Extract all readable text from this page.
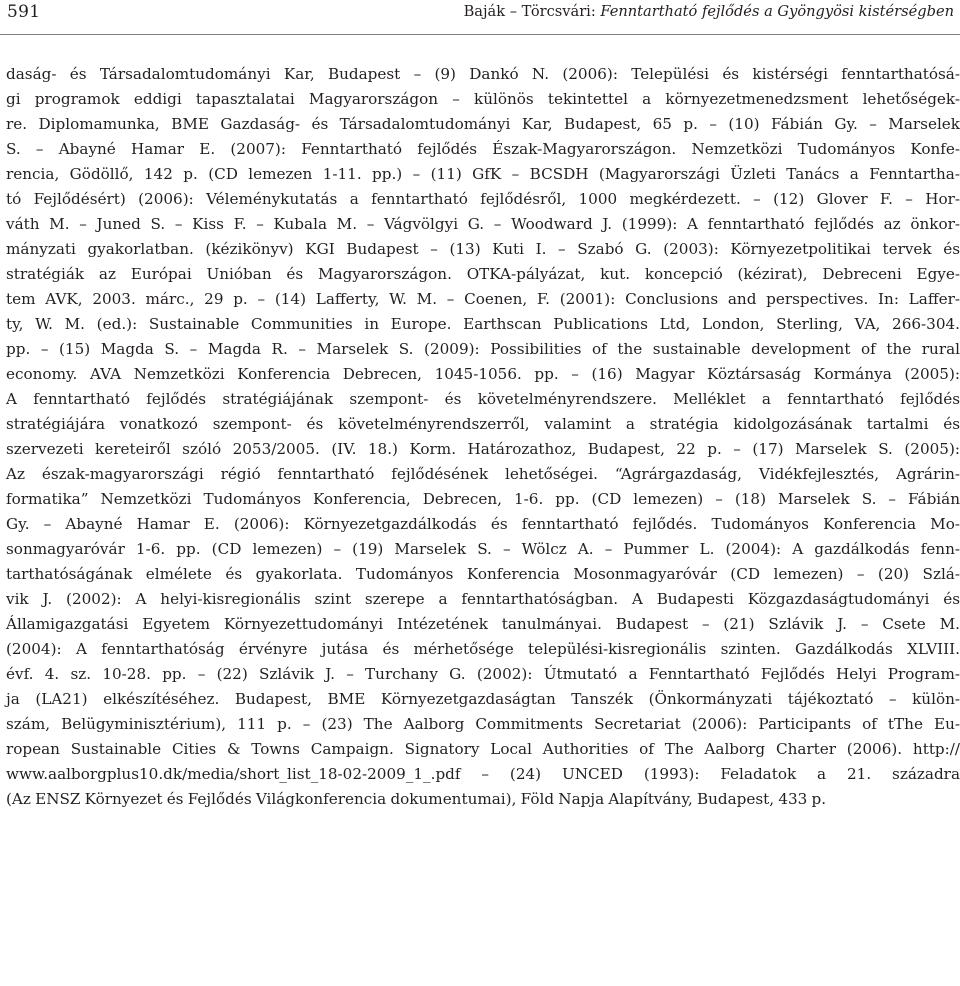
591	Baják – Törcsvári: Fenntartható fejlődés a Gyöngyösi kistérségben
daság- és Társadalomtudományi Kar, Budapest – (9) Dankó N. (2006): Települési és kistérségi fenntarthatósá-
gi programok eddigi tapasztalatai Magyarországon – különös tekintettel a környezetmenedzsment lehetőségek-
re. Diplomamunka, BME Gazdaság- és Társadalomtudományi Kar, Budapest, 65 p. – (10) Fábián Gy. – Marselek
S. – Abayné Hamar E. (2007): Fenntartható fejlődés Észak-Magyarországon. Nemzetközi Tudományos Konfe-
rencia, Gödöllő, 142 p. (CD lemezen 1-11. pp.) – (11) GfK – BCSDH (Magyarországi Üzleti Tanács a Fenntartha-
tó Fejlődésért) (2006): Véleménykutatás a fenntartható fejlődésről, 1000 megkérdezett. – (12) Glover F. – Hor-
váth M. – Juned S. – Kiss F. – Kubala M. – Vágvölgyi G. – Woodward J. (1999): A fenntartható fejlődés az önkor-
mányzati gyakorlatban. (kézikönyv) KGI Budapest – (13) Kuti I. – Szabó G. (2003): Környezetpolitikai tervek és
stratégiák az Európai Unióban és Magyarországon. OTKA-pályázat, kut. koncepció (kézirat), Debreceni Egye-
tem AVK, 2003. márc., 29 p. – (14) Lafferty, W. M. – Coenen, F. (2001): Conclusions and perspectives. In: Laffer-
ty, W. M. (ed.): Sustainable Communities in Europe. Earthscan Publications Ltd, London, Sterling, VA, 266-304.
pp. – (15) Magda S. – Magda R. – Marselek S. (2009): Possibilities of the sustainable development of the rural
economy. AVA Nemzetközi Konferencia Debrecen, 1045-1056. pp. – (16) Magyar Köztársaság Kormánya (2005):
A fenntartható fejlődés stratégiájának szempont- és követelményrendszere. Melléklet a fenntartható fejlődés
stratégiájára vonatkozó szempont- és követelményrendszerről, valamint a stratégia kidolgozásának tartalmi és
szervezeti kereteiről szóló 2053/2005. (IV. 18.) Korm. Határozathoz, Budapest, 22 p. – (17) Marselek S. (2005):
Az észak-magyarországi régió fenntartható fejlődésének lehetőségei. “Agrárgazdaság, Vidékfejlesztés, Agrárin-
formatika” Nemzetközi Tudományos Konferencia, Debrecen, 1-6. pp. (CD lemezen) – (18) Marselek S. – Fábián
Gy. – Abayné Hamar E. (2006): Környezetgazdálkodás és fenntartható fejlődés. Tudományos Konferencia Mo-
sonmagyaróvár 1-6. pp. (CD lemezen) – (19) Marselek S. – Wölcz A. – Pummer L. (2004): A gazdálkodás fenn-
tarthatóságának elmélete és gyakorlata. Tudományos Konferencia Mosonmagyaróvár (CD lemezen) – (20) Szlá-
vik J. (2002): A helyi-kisregionális szint szerepe a fenntarthatóságban. A Budapesti Közgazdaságtudományi és
Államigazgatási Egyetem Környezettudományi Intézetének tanulmányai. Budapest – (21) Szlávik J. – Csete M.
(2004): A fenntarthatóság érvényre jutása és mérhetősége települési-kisregionális szinten. Gazdálkodás XLVIII.
évf. 4. sz. 10-28. pp. – (22) Szlávik J. – Turchany G. (2002): Útmutató a Fenntartható Fejlődés Helyi Program-
ja (LA21) elkészítéséhez. Budapest, BME Környezetgazdaságtan Tanszék (Önkormányzati tájékoztató – külön-
szám, Belügyminisztérium), 111 p. – (23) The Aalborg Commitments Secretariat (2006): Participants of tThe Eu-
ropean Sustainable Cities & Towns Campaign. Signatory Local Authorities of The Aalborg Charter (2006). http://
www.aalborgplus10.dk/media/short_list_18-02-2009_1_.pdf – (24) UNCED (1993): Feladatok a 21. századra
(Az ENSZ Környezet és Fejlődés Világkonferencia dokumentumai), Föld Napja Alapítvány, Budapest, 433 p.
